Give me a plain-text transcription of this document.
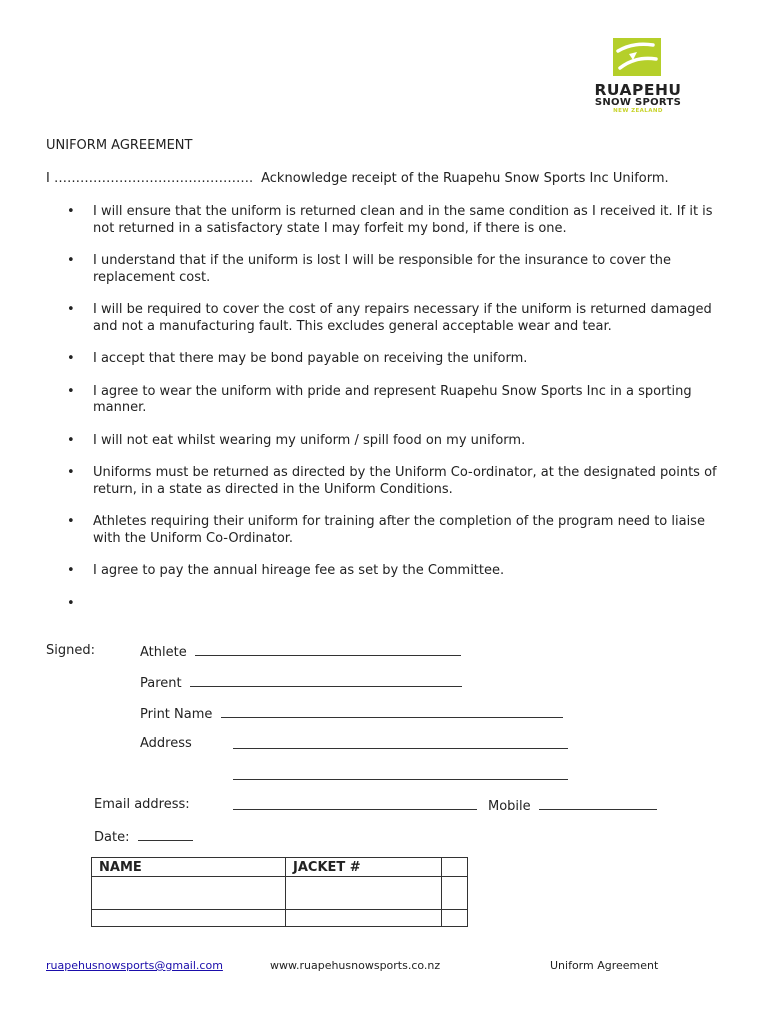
RUAPEHU
SNOW SPORTS
NEW ZEALAND
UNIFORM AGREEMENT
I ………………………………………. Acknowledge receipt of the Ruapehu Snow Sports Inc Uniform.
• I will ensure that the uniform is returned clean and in the same condition as I received it. If it is not returned in a satisfactory state I may forfeit my bond, if there is one.
• I understand that if the uniform is lost I will be responsible for the insurance to cover the replacement cost.
• I will be required to cover the cost of any repairs necessary if the uniform is returned damaged and not a manufacturing fault. This excludes general acceptable wear and tear.
• I accept that there may be bond payable on receiving the uniform.
• I agree to wear the uniform with pride and represent Ruapehu Snow Sports Inc in a sporting manner.
• I will not eat whilst wearing my uniform / spill food on my uniform.
• Uniforms must be returned as directed by the Uniform Co-ordinator, at the designated points of return, in a state as directed in the Uniform Conditions.
• Athletes requiring their uniform for training after the completion of the program need to liaise with the Uniform Co-Ordinator.
• I agree to pay the annual hireage fee as set by the Committee.
•
Signed:	Athlete
Parent
Print Name
Address
Email address:	Mobile
Date:
NAME	JACKET #	

ruapehusnowsports@gmail.com	www.ruapehusnowsports.co.nz	Uniform Agreement
